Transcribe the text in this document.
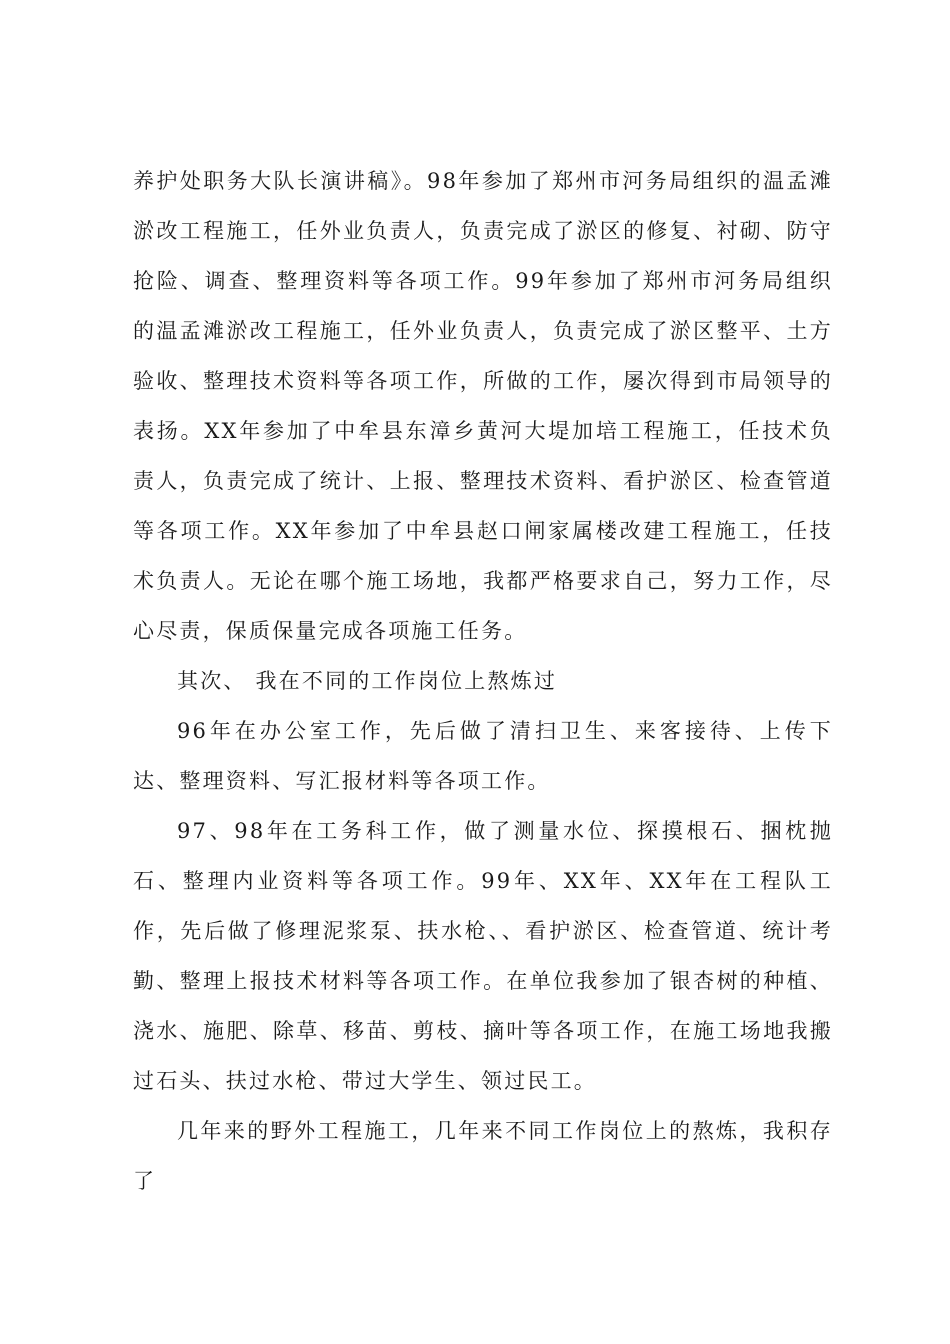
养护处职务大队长演讲稿》。98年参加了郑州市河务局组织的温孟滩淤改工程施工，任外业负责人，负责完成了淤区的修复、衬砌、防守抢险、调查、整理资料等各项工作。99年参加了郑州市河务局组织的温孟滩淤改工程施工，任外业负责人，负责完成了淤区整平、土方验收、整理技术资料等各项工作，所做的工作，屡次得到市局领导的表扬。XX年参加了中牟县东漳乡黄河大堤加培工程施工，任技术负责人，负责完成了统计、上报、整理技术资料、看护淤区、检查管道等各项工作。XX年参加了中牟县赵口闸家属楼改建工程施工，任技术负责人。无论在哪个施工场地，我都严格要求自己，努力工作，尽心尽责，保质保量完成各项施工任务。

其次、 我在不同的工作岗位上熬炼过

96年在办公室工作，先后做了清扫卫生、来客接待、上传下达、整理资料、写汇报材料等各项工作。

97、98年在工务科工作，做了测量水位、探摸根石、捆枕抛石、整理内业资料等各项工作。99年、XX年、XX年在工程队工作，先后做了修理泥浆泵、扶水枪、、看护淤区、检查管道、统计考勤、整理上报技术材料等各项工作。在单位我参加了银杏树的种植、浇水、施肥、除草、移苗、剪枝、摘叶等各项工作，在施工场地我搬过石头、扶过水枪、带过大学生、领过民工。

几年来的野外工程施工，几年来不同工作岗位上的熬炼，我积存了
